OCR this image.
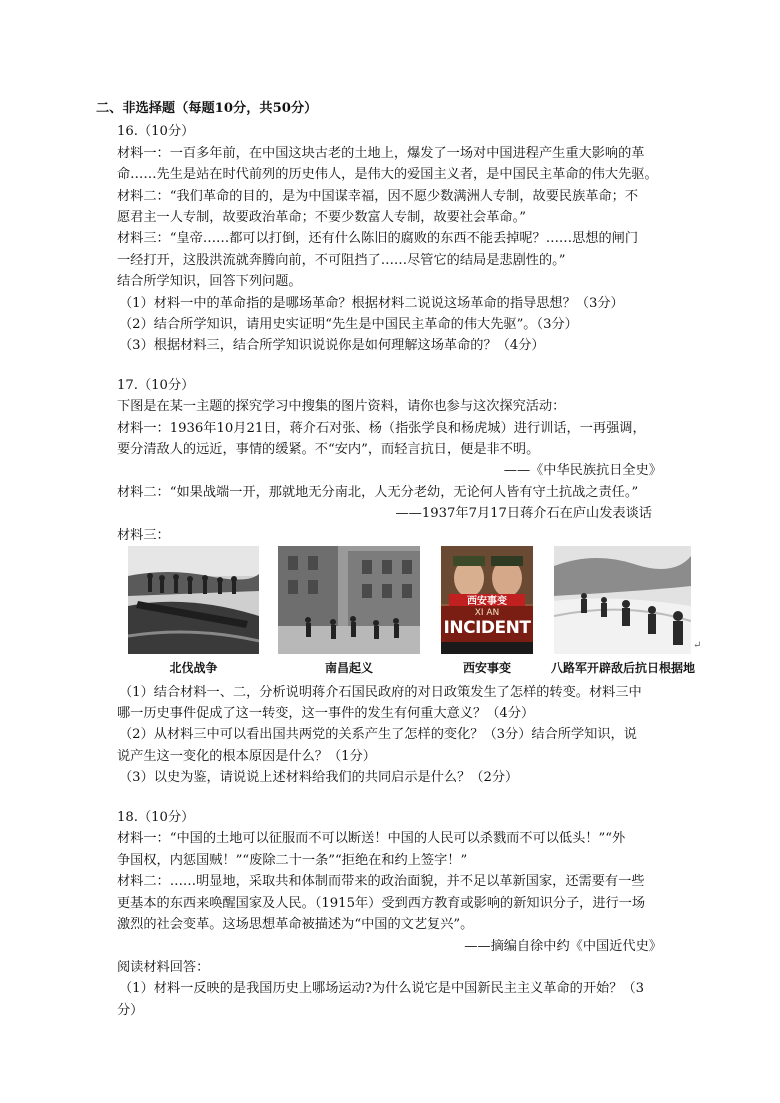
二、非选择题（每题10分，共50分）
16.（10分）
材料一：一百多年前，在中国这块古老的土地上，爆发了一场对中国进程产生重大影响的革
命……先生是站在时代前列的历史伟人，是伟大的爱国主义者，是中国民主革命的伟大先驱。
材料二：“我们革命的目的，是为中国谋幸福，因不愿少数满洲人专制，故要民族革命；不
愿君主一人专制，故要政治革命；不要少数富人专制，故要社会革命。”
材料三：“皇帝……都可以打倒，还有什么陈旧的腐败的东西不能丢掉呢？……思想的闸门
一经打开，这股洪流就奔腾向前，不可阻挡了……尽管它的结局是悲剧性的。”
结合所学知识，回答下列问题。
（1）材料一中的革命指的是哪场革命？根据材料二说说这场革命的指导思想？（3分）
（2）结合所学知识，请用史实证明“先生是中国民主革命的伟大先驱”。（3分）
（3）根据材料三，结合所学知识说说你是如何理解这场革命的？（4分）
17.（10分）
下图是在某一主题的探究学习中搜集的图片资料，请你也参与这次探究活动：
材料一：1936年10月21日，蒋介石对张、杨（指张学良和杨虎城）进行训话，一再强调，
要分清敌人的远近，事情的缓紧。不“安内”，而轻言抗日，便是非不明。
——《中华民族抗日全史》
材料二：“如果战端一开，那就地无分南北，人无分老幼，无论何人皆有守土抗战之责任。”
——1937年7月17日蒋介石在庐山发表谈话
材料三：
西安事变
XI AN
INCIDENT
北伐战争	南昌起义	西安事变	八路军开辟敌后抗日根据地
↵
（1）结合材料一、二，分析说明蒋介石国民政府的对日政策发生了怎样的转变。材料三中
哪一历史事件促成了这一转变，这一事件的发生有何重大意义？（4分）
（2）从材料三中可以看出国共两党的关系产生了怎样的变化？（3分）结合所学知识，说
说产生这一变化的根本原因是什么？（1分）
（3）以史为鉴，请说说上述材料给我们的共同启示是什么？（2分）
18.（10分）
材料一：“中国的土地可以征服而不可以断送！中国的人民可以杀戮而不可以低头！”“外
争国权，内惩国贼！”“废除二十一条”“拒绝在和约上签字！”
材料二：……明显地，采取共和体制而带来的政治面貌，并不足以革新国家，还需要有一些
更基本的东西来唤醒国家及人民。（1915年）受到西方教育或影响的新知识分子，进行一场
激烈的社会变革。这场思想革命被描述为“中国的文艺复兴”。
——摘编自徐中约《中国近代史》
阅读材料回答：
（1）材料一反映的是我国历史上哪场运动?为什么说它是中国新民主主义革命的开始？（3
分）
